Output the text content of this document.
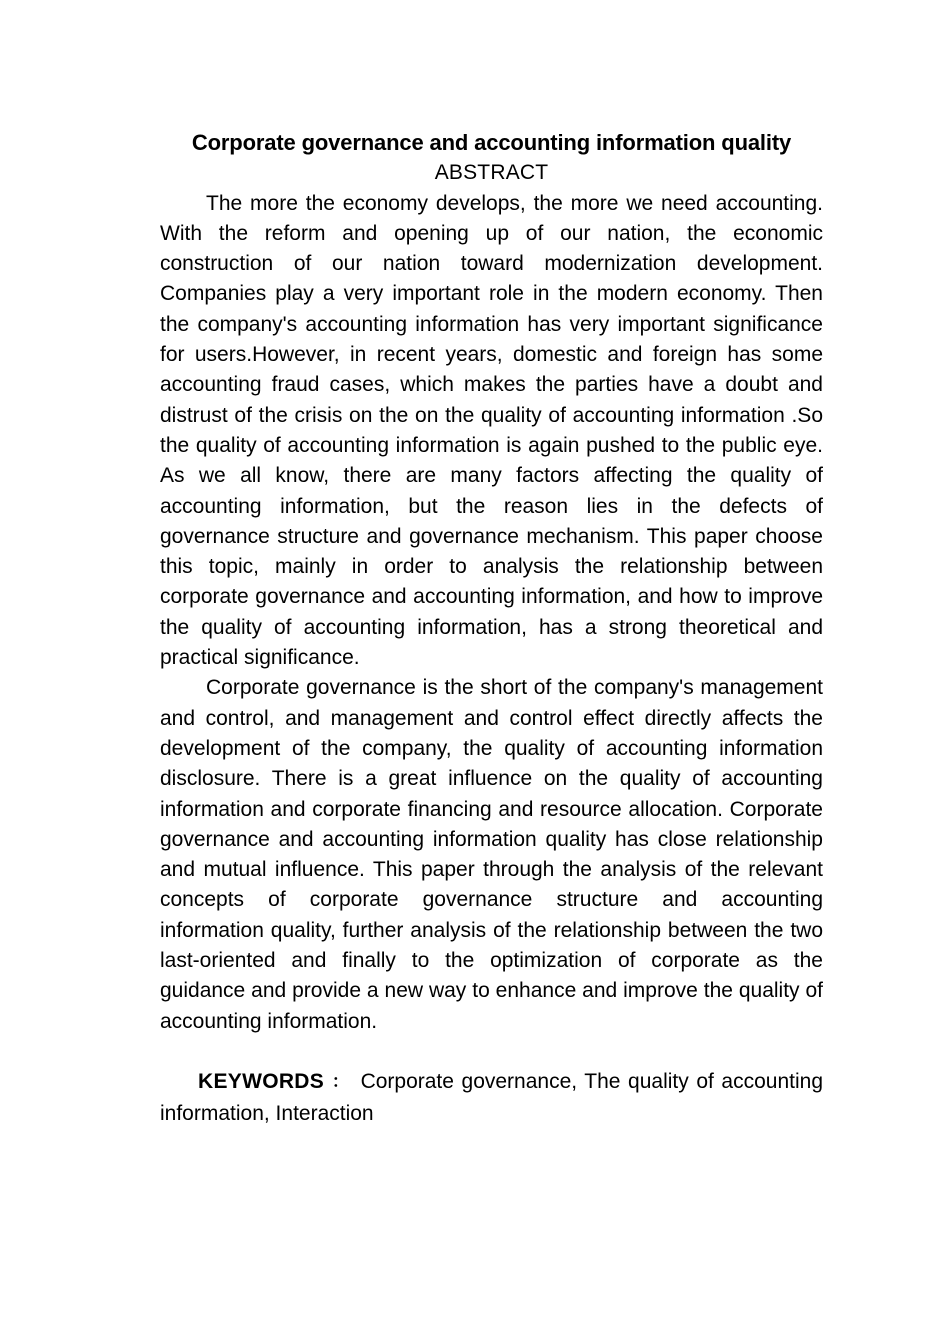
Corporate governance and accounting information quality
ABSTRACT

The more the economy develops, the more we need accounting. With the reform and opening up of our nation, the economic construction of our nation toward modernization development. Companies play a very important role in the modern economy. Then the company's accounting information has very important significance for users.However, in recent years, domestic and foreign has some accounting fraud cases, which makes the parties have a doubt and distrust of the crisis on the on the quality of accounting information .So the quality of accounting information is again pushed to the public eye. As we all know, there are many factors affecting the quality of accounting information, but the reason lies in the defects of governance structure and governance mechanism. This paper choose this topic, mainly in order to analysis the relationship between corporate governance and accounting information, and how to improve the quality of accounting information, has a strong theoretical and practical significance.

Corporate governance is the short of the company's management and control, and management and control effect directly affects the development of the company, the quality of accounting information disclosure. There is a great influence on the quality of accounting information and corporate financing and resource allocation. Corporate governance and accounting information quality has close relationship and mutual influence. This paper through the analysis of the relevant concepts of corporate governance structure and accounting information quality, further analysis of the relationship between the two last-oriented and finally to the optimization of corporate as the guidance and provide a new way to enhance and improve the quality of accounting information.

KEYWORDS ： Corporate governance, The quality of accounting information, Interaction
